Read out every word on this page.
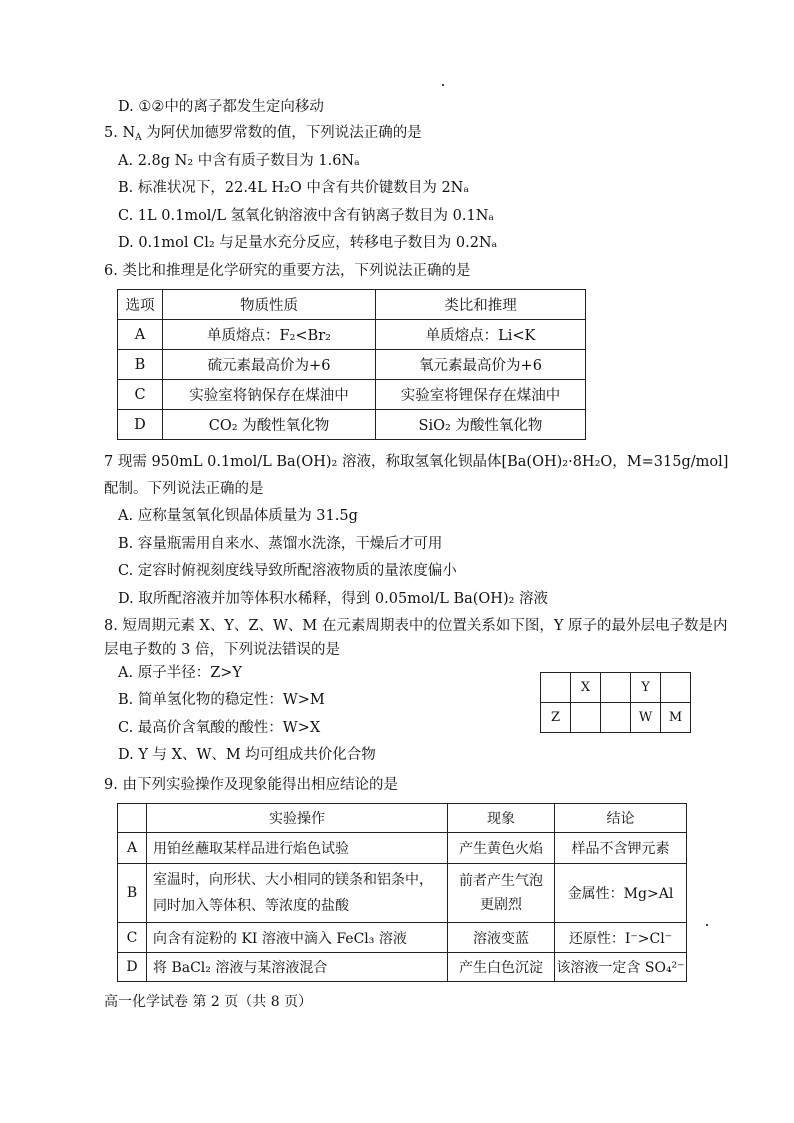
D. ①②中的离子都发生定向移动
5. $N_A$ 为阿伏加德罗常数的值，下列说法正确的是
A. 2.8g N₂ 中含有质子数目为 1.6Nₐ
B. 标准状况下，22.4L H₂O 中含有共价键数目为 2Nₐ
C. 1L 0.1mol/L 氢氧化钠溶液中含有钠离子数目为 0.1Nₐ
D. 0.1mol Cl₂ 与足量水充分反应，转移电子数目为 0.2Nₐ
6. 类比和推理是化学研究的重要方法，下列说法正确的是
选项	物质性质	类比和推理
A	单质熔点：F₂<Br₂	单质熔点：Li<K
B	硫元素最高价为+6	氧元素最高价为+6
C	实验室将钠保存在煤油中	实验室将锂保存在煤油中
D	CO₂ 为酸性氧化物	SiO₂ 为酸性氧化物
7 现需 950mL 0.1mol/L Ba(OH)₂ 溶液，称取氢氧化钡晶体[Ba(OH)₂·8H₂O，M=315g/mol]
配制。下列说法正确的是
A. 应称量氢氧化钡晶体质量为 31.5g
B. 容量瓶需用自来水、蒸馏水洗涤，干燥后才可用
C. 定容时俯视刻度线导致所配溶液物质的量浓度偏小
D. 取所配溶液并加等体积水稀释，得到 0.05mol/L Ba(OH)₂ 溶液
8. 短周期元素 X、Y、Z、W、M 在元素周期表中的位置关系如下图，Y 原子的最外层电子数是内
层电子数的 3 倍，下列说法错误的是
A. 原子半径：Z>Y
B. 简单氢化物的稳定性：W>M
C. 最高价含氧酸的酸性：W>X
D. Y 与 X、W、M 均可组成共价化合物
	X		Y	
Z			W	M
9. 由下列实验操作及现象能得出相应结论的是
	实验操作	现象	结论
A	用铂丝蘸取某样品进行焰色试验	产生黄色火焰	样品不含钾元素
B	室温时，向形状、大小相同的镁条和铝条中，
同时加入等体积、等浓度的盐酸	前者产生气泡更剧烈	金属性：Mg>Al
C	向含有淀粉的 KI 溶液中滴入 FeCl₃ 溶液	溶液变蓝	还原性：I⁻>Cl⁻
D	将 BaCl₂ 溶液与某溶液混合	产生白色沉淀	该溶液一定含 SO₄²⁻
高一化学试卷 第 2 页（共 8 页）
